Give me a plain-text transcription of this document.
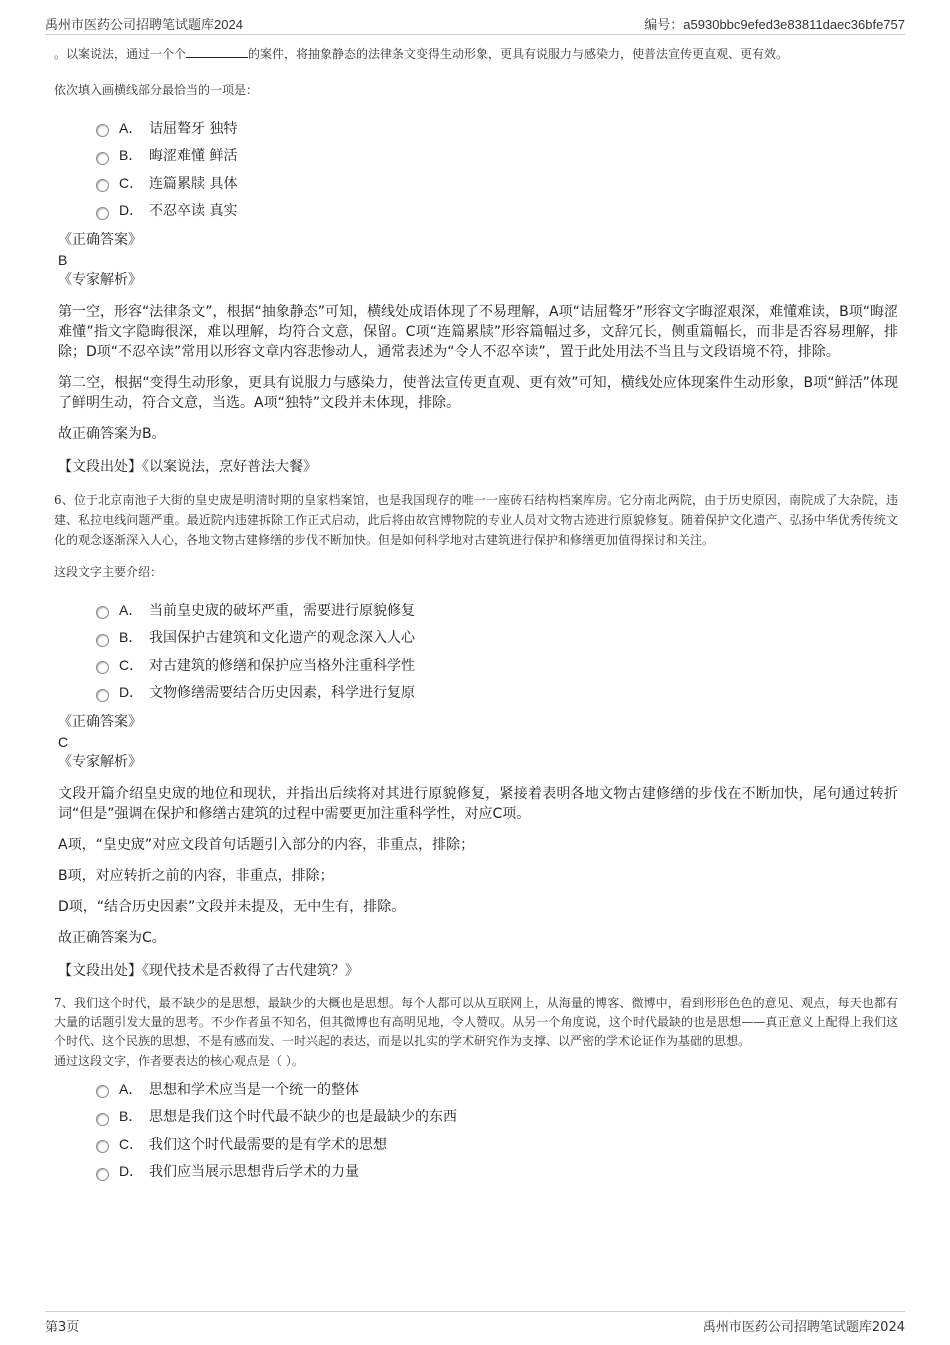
禹州市医药公司招聘笔试题库2024	编号：a5930bbc9efed3e83811daec36bfe757

。以案说法，通过一个个	的案件，将抽象静态的法律条文变得生动形象，更具有说服力与感染力，使普法宣传更直观、更有效。

依次填入画横线部分最恰当的一项是：
A． 诘屈聱牙 独特
B． 晦涩难懂 鲜活
C． 连篇累牍 具体
D． 不忍卒读 真实
《正确答案》
B
《专家解析》

第一空，形容“法律条文”，根据“抽象静态”可知，横线处成语体现了不易理解，A项“诘屈聱牙”形容文字晦涩艰深，难懂难读，B项“晦涩难懂”指文字隐晦很深，难以理解，均符合文意，保留。C项“连篇累牍”形容篇幅过多，文辞冗长，侧重篇幅长，而非是否容易理解，排除；D项“不忍卒读”常用以形容文章内容悲惨动人，通常表述为“令人不忍卒读”，置于此处用法不当且与文段语境不符，排除。

第二空，根据“变得生动形象，更具有说服力与感染力，使普法宣传更直观、更有效”可知，横线处应体现案件生动形象，B项“鲜活”体现了鲜明生动，符合文意，当选。A项“独特”文段并未体现，排除。

故正确答案为B。

【文段出处】《以案说法，烹好普法大餐》

6、位于北京南池子大街的皇史宬是明清时期的皇家档案馆，也是我国现存的唯一一座砖石结构档案库房。它分南北两院，由于历史原因，南院成了大杂院，违建、私拉电线问题严重。最近院内违建拆除工作正式启动，此后将由故宫博物院的专业人员对文物古迹进行原貌修复。随着保护文化遗产、弘扬中华优秀传统文化的观念逐渐深入人心，各地文物古建修缮的步伐不断加快。但是如何科学地对古建筑进行保护和修缮更加值得探讨和关注。

这段文字主要介绍：
A． 当前皇史宬的破坏严重，需要进行原貌修复
B． 我国保护古建筑和文化遗产的观念深入人心
C． 对古建筑的修缮和保护应当格外注重科学性
D． 文物修缮需要结合历史因素，科学进行复原
《正确答案》
C
《专家解析》

文段开篇介绍皇史宬的地位和现状，并指出后续将对其进行原貌修复，紧接着表明各地文物古建修缮的步伐在不断加快，尾句通过转折词“但是”强调在保护和修缮古建筑的过程中需要更加注重科学性，对应C项。

A项，“皇史宬”对应文段首句话题引入部分的内容，非重点，排除；

B项，对应转折之前的内容，非重点，排除；

D项，“结合历史因素”文段并未提及，无中生有，排除。

故正确答案为C。

【文段出处】《现代技术是否救得了古代建筑？》

7、我们这个时代，最不缺少的是思想，最缺少的大概也是思想。每个人都可以从互联网上，从海量的博客、微博中，看到形形色色的意见、观点，每天也都有大量的话题引发大量的思考。不少作者虽不知名，但其微博也有高明见地，令人赞叹。从另一个角度说，这个时代最缺的也是思想——真正意义上配得上我们这个时代、这个民族的思想，不是有感而发、一时兴起的表达，而是以扎实的学术研究作为支撑、以严密的学术论证作为基础的思想。

通过这段文字，作者要表达的核心观点是（ ）。
A． 思想和学术应当是一个统一的整体
B． 思想是我们这个时代最不缺少的也是最缺少的东西
C． 我们这个时代最需要的是有学术的思想
D． 我们应当展示思想背后学术的力量
第3页	禹州市医药公司招聘笔试题库2024
